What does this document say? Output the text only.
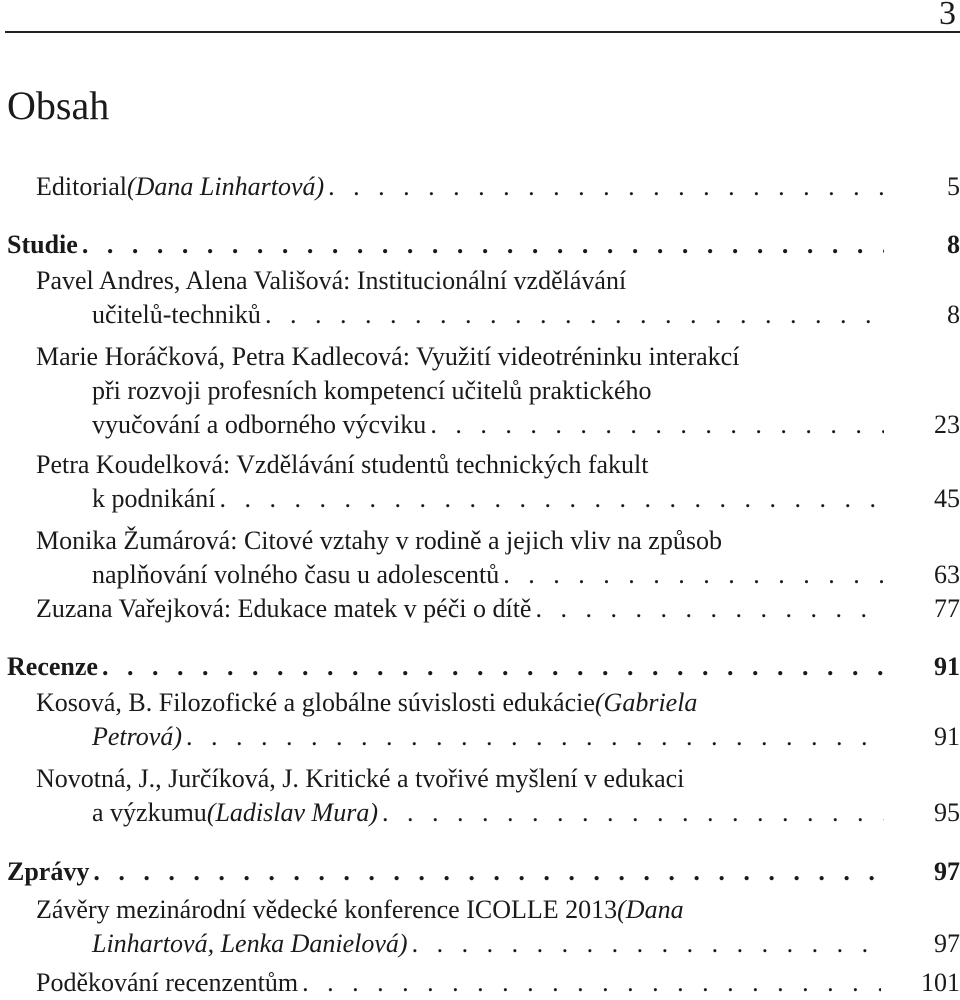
3
Obsah
Editorial (Dana Linhartová) . . .	5
Studie . . .	8
Pavel Andres, Alena Vališová: Institucionální vzdělávání
učitelů-techniků . . .	8
Marie Horáčková, Petra Kadlecová: Využití videotréninku interakcí
při rozvoji profesních kompetencí učitelů praktického
vyučování a odborného výcviku . . .	23
Petra Koudelková: Vzdělávání studentů technických fakult
k podnikání . . .	45
Monika Žumárová: Citové vztahy v rodině a jejich vliv na způsob
naplňování volného času u adolescentů . . .	63
Zuzana Vařejková: Edukace matek v péči o dítě . . .	77
Recenze . . .	91
Kosová, B. Filozofické a globálne súvislosti edukácie (Gabriela
Petrová) . . .	91
Novotná, J., Jurčíková, J. Kritické a tvořivé myšlení v edukaci
a výzkumu (Ladislav Mura) . . .	95
Zprávy . . .	97
Závěry mezinárodní vědecké konference ICOLLE 2013 (Dana
Linhartová, Lenka Danielová) . . .	97
Poděkování recenzentům . . .	101
